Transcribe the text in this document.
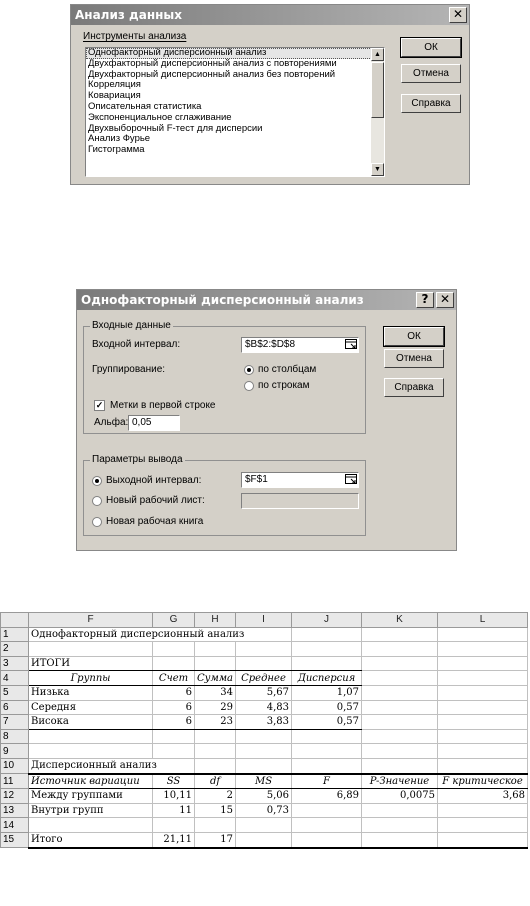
Анализ данных	✕
Инструменты анализа
Однофакторный дисперсионный анализ
Двухфакторный дисперсионный анализ с повторениями
Двухфакторный дисперсионный анализ без повторений
Корреляция
Ковариация
Описательная статистика
Экспоненциальное сглаживание
Двухвыборочный F-тест для дисперсии
Анализ Фурье
Гистограмма
▲
▼
ОК
Отмена
Справка
Однофакторный дисперсионный анализ	? ✕
Входные данные
Входной интервал:	$B$2:$D$8
Группирование:	по столбцам
по строкам
✓ Метки в первой строке
Альфа: 0,05
Параметры вывода
Выходной интервал:	$F$1
Новый рабочий лист:
Новая рабочая книга
ОК
Отмена
Справка
	F	G	H	I	J	K	L
1	Однофакторный дисперсионный анализ						
2							
3	ИТОГИ						
4	Группы	Счет	Сумма	Среднее	Дисперсия		
5	Низька	6	34	5,67	1,07		
6	Середня	6	29	4,83	0,57		
7	Висока	6	23	3,83	0,57		
8							
9							
10	Дисперсионный анализ						
11	Источник вариации	SS	df	MS	F	P-Значение	F критическое
12	Между группами	10,11	2	5,06	6,89	0,0075	3,68
13	Внутри групп	11	15	0,73			
14							
15	Итого	21,11	17				
